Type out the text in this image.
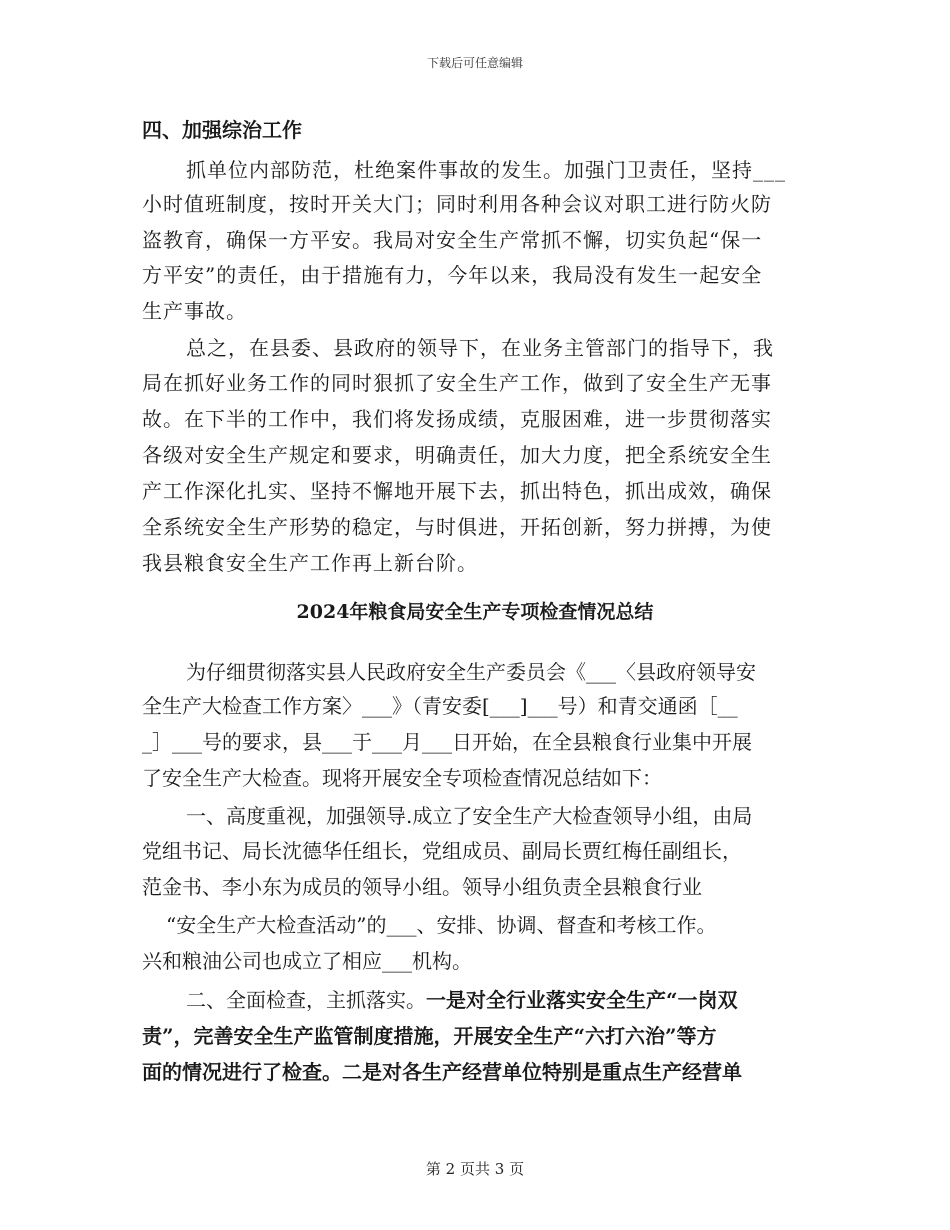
下载后可任意编辑
四、加强综治工作
抓单位内部防范，杜绝案件事故的发生。加强门卫责任，坚持___
小时值班制度，按时开关大门；同时利用各种会议对职工进行防火防
盗教育，确保一方平安。我局对安全生产常抓不懈，切实负起“保一
方平安”的责任，由于措施有力，今年以来，我局没有发生一起安全
生产事故。
总之，在县委、县政府的领导下，在业务主管部门的指导下，我
局在抓好业务工作的同时狠抓了安全生产工作，做到了安全生产无事
故。在下半的工作中，我们将发扬成绩，克服困难，进一步贯彻落实
各级对安全生产规定和要求，明确责任，加大力度，把全系统安全生
产工作深化扎实、坚持不懈地开展下去，抓出特色，抓出成效，确保
全系统安全生产形势的稳定，与时俱进，开拓创新，努力拼搏，为使
我县粮食安全生产工作再上新台阶。
2024年粮食局安全生产专项检查情况总结
为仔细贯彻落实县人民政府安全生产委员会《___〈县政府领导安
全生产大检查工作方案〉___》（青安委[___]___号）和青交通函［__
_］___号的要求，县___于___月___日开始，在全县粮食行业集中开展
了安全生产大检查。现将开展安全专项检查情况总结如下：
一、高度重视，加强领导.成立了安全生产大检查领导小组，由局
党组书记、局长沈德华任组长，党组成员、副局长贾红梅任副组长，
范金书、李小东为成员的领导小组。领导小组负责全县粮食行业
“安全生产大检查活动”的___、安排、协调、督查和考核工作。
兴和粮油公司也成立了相应___机构。
二、全面检查，主抓落实。一是对全行业落实安全生产“一岗双
责”，完善安全生产监管制度措施，开展安全生产“六打六治”等方
面的情况进行了检查。二是对各生产经营单位特别是重点生产经营单
第 2 页共 3 页
